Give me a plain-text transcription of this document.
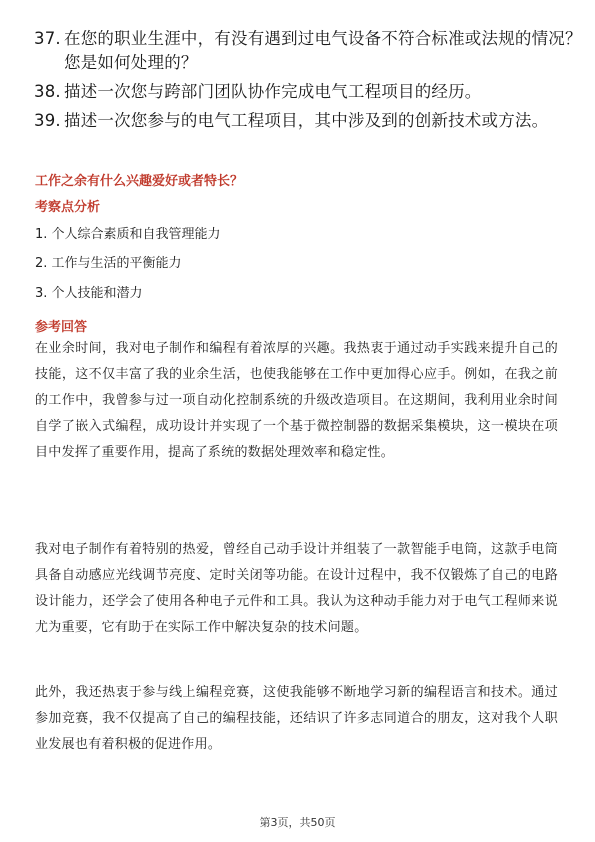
37. 在您的职业生涯中，有没有遇到过电气设备不符合标准或法规的情况？您是如何处理的？
38. 描述一次您与跨部门团队协作完成电气工程项目的经历。
39. 描述一次您参与的电气工程项目，其中涉及到的创新技术或方法。
工作之余有什么兴趣爱好或者特长？
考察点分析
1. 个人综合素质和自我管理能力
2. 工作与生活的平衡能力
3. 个人技能和潜力
参考回答
在业余时间，我对电子制作和编程有着浓厚的兴趣。我热衷于通过动手实践来提升自己的技能，这不仅丰富了我的业余生活，也使我能够在工作中更加得心应手。例如，在我之前的工作中，我曾参与过一项自动化控制系统的升级改造项目。在这期间，我利用业余时间自学了嵌入式编程，成功设计并实现了一个基于微控制器的数据采集模块，这一模块在项目中发挥了重要作用，提高了系统的数据处理效率和稳定性。
我对电子制作有着特别的热爱，曾经自己动手设计并组装了一款智能手电筒，这款手电筒具备自动感应光线调节亮度、定时关闭等功能。在设计过程中，我不仅锻炼了自己的电路设计能力，还学会了使用各种电子元件和工具。我认为这种动手能力对于电气工程师来说尤为重要，它有助于在实际工作中解决复杂的技术问题。
此外，我还热衷于参与线上编程竞赛，这使我能够不断地学习新的编程语言和技术。通过参加竞赛，我不仅提高了自己的编程技能，还结识了许多志同道合的朋友，这对我个人职业发展也有着积极的促进作用。
第3页，共50页
